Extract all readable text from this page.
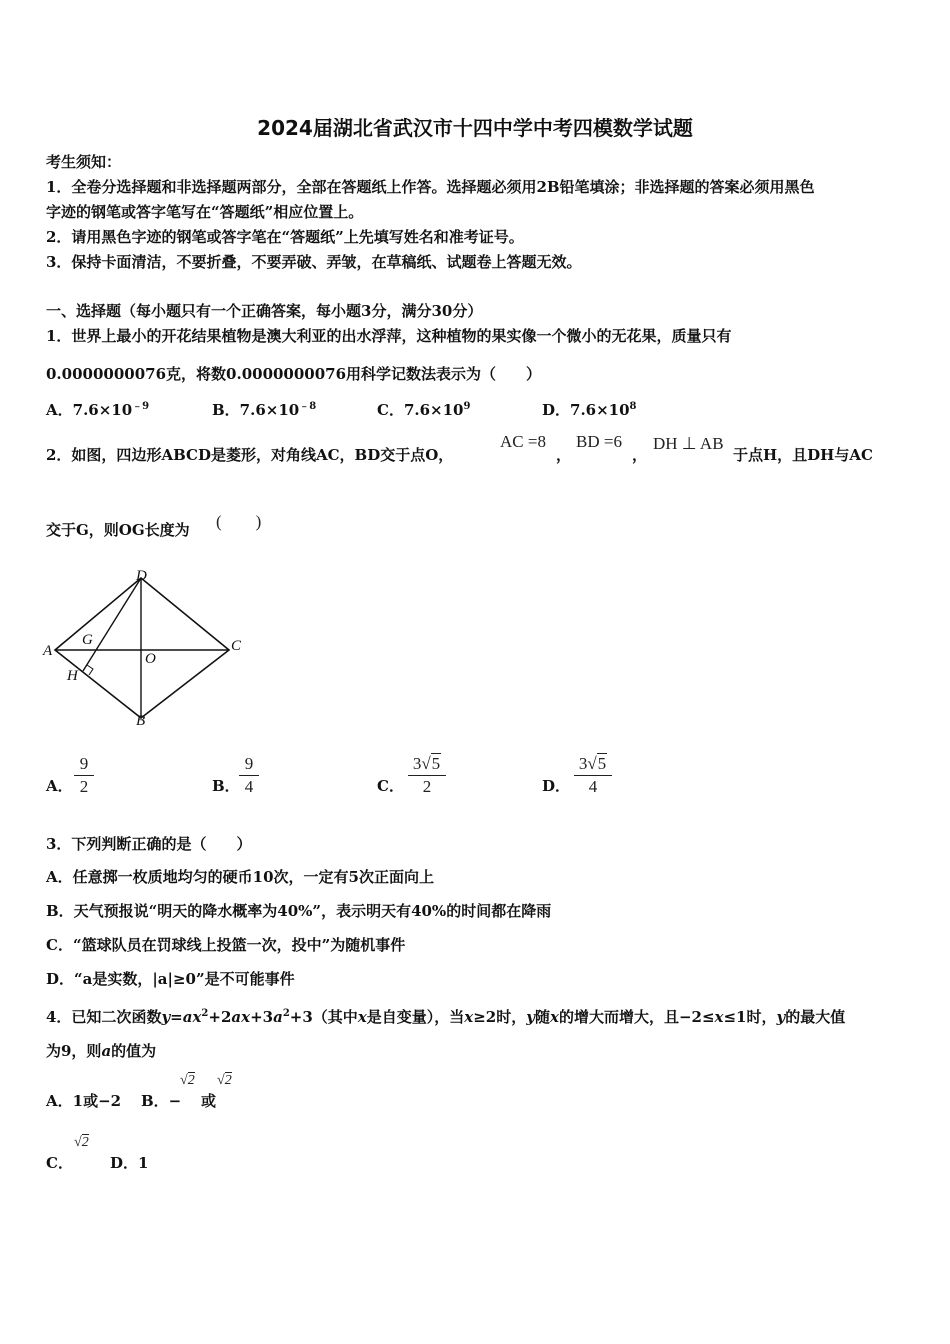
2024届湖北省武汉市十四中学中考四模数学试题
考生须知：
1．全卷分选择题和非选择题两部分，全部在答题纸上作答。选择题必须用2B铅笔填涂；非选择题的答案必须用黑色
字迹的钢笔或答字笔写在“答题纸”相应位置上。
2．请用黑色字迹的钢笔或答字笔在“答题纸”上先填写姓名和准考证号。
3．保持卡面清洁，不要折叠，不要弄破、弄皱，在草稿纸、试题卷上答题无效。
一、选择题（每小题只有一个正确答案，每小题3分，满分30分）
1．世界上最小的开花结果植物是澳大利亚的出水浮萍，这种植物的果实像一个微小的无花果，质量只有
0.0000000076克，将数0.0000000076用科学记数法表示为（　　）
A．$7.6\times 10^{﹣9}$	B．$7.6\times 10^{﹣8}$	C．$7.6\times 10^9$	D．$7.6\times 10^8$
2．如图，四边形ABCD是菱形，对角线AC，BD交于点O，
AC =8
，
BD =6
，
DH ⊥ AB
于点H，且DH与AC
交于G，则OG长度为 (　　)
D
A
G
O
C
H
B
A．
9
2	B．
9
4	C．
3√5
2	D．
3√5
4
3．下列判断正确的是（　　）
A．任意掷一枚质地均匀的硬币10次，一定有5次正面向上
B．天气预报说“明天的降水概率为40%”，表示明天有40%的时间都在降雨
C．“篮球队员在罚球线上投篮一次，投中”为随机事件
D．“a是实数，|a|≥0”是不可能事件
4．已知二次函数$y=ax^2+2ax+3a^2+3$（其中x是自变量），当x≥2时，y随x的增大而增大，且−2≤x≤1时，y的最大值
为9，则a的值为
A．1或−2 B．−
√2
或
√2
C．
√2
D．1
